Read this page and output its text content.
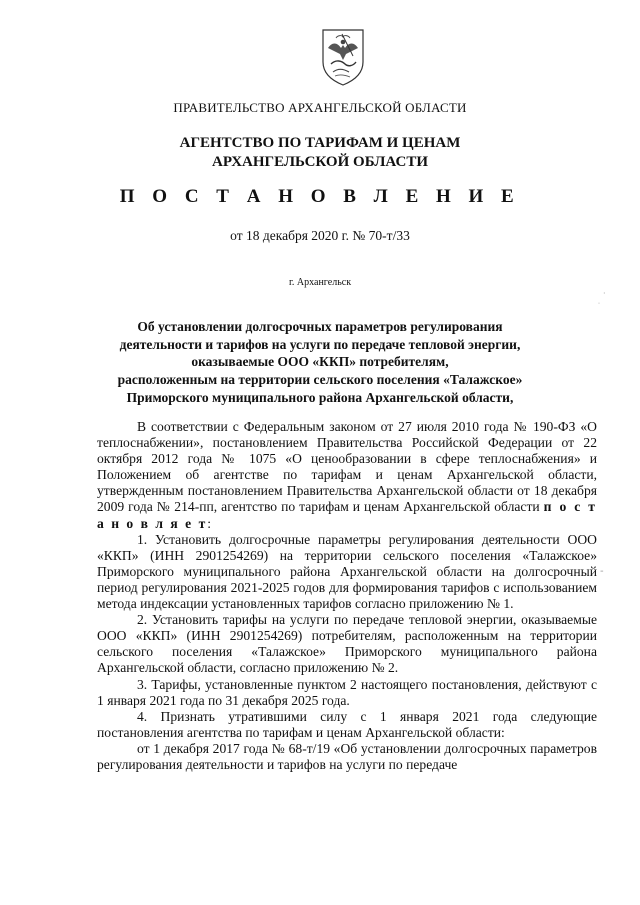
ПРАВИТЕЛЬСТВО АРХАНГЕЛЬСКОЙ ОБЛАСТИ
АГЕНТСТВО ПО ТАРИФАМ И ЦЕНАМ
АРХАНГЕЛЬСКОЙ ОБЛАСТИ
П О С Т А Н О В Л Е Н И Е
от 18 декабря 2020 г. № 70-т/33
г. Архангельск
Об установлении долгосрочных параметров регулирования
деятельности и тарифов на услуги по передаче тепловой энергии,
оказываемые ООО «ККП» потребителям,
расположенным на территории сельского поселения «Талажское»
Приморского муниципального района Архангельской области,

В соответствии с Федеральным законом от 27 июля 2010 года № 190-ФЗ «О теплоснабжении», постановлением Правительства Российской Федерации от 22 октября 2012 года № 1075 «О ценообразовании в сфере теплоснабжения» и Положением об агентстве по тарифам и ценам Архангельской области, утвержденным постановлением Правительства Архангельской области от 18 декабря 2009 года № 214-пп, агентство по тарифам и ценам Архангельской области п о с т а н о в л я е т:

1. Установить долгосрочные параметры регулирования деятельности ООО «ККП» (ИНН 2901254269) на территории сельского поселения «Талажское» Приморского муниципального района Архангельской области на долгосрочный период регулирования 2021-2025 годов для формирования тарифов с использованием метода индексации установленных тарифов согласно приложению № 1.

2. Установить тарифы на услуги по передаче тепловой энергии, оказываемые ООО «ККП» (ИНН 2901254269) потребителям, расположенным на территории сельского поселения «Талажское» Приморского муниципального района Архангельской области, согласно приложению № 2.

3. Тарифы, установленные пунктом 2 настоящего постановления, действуют с 1 января 2021 года по 31 декабря 2025 года.

4. Признать утратившими силу с 1 января 2021 года следующие постановления агентства по тарифам и ценам Архангельской области:

от 1 декабря 2017 года № 68-т/19 «Об установлении долгосрочных параметров регулирования деятельности и тарифов на услуги по передаче

·
˙
-
